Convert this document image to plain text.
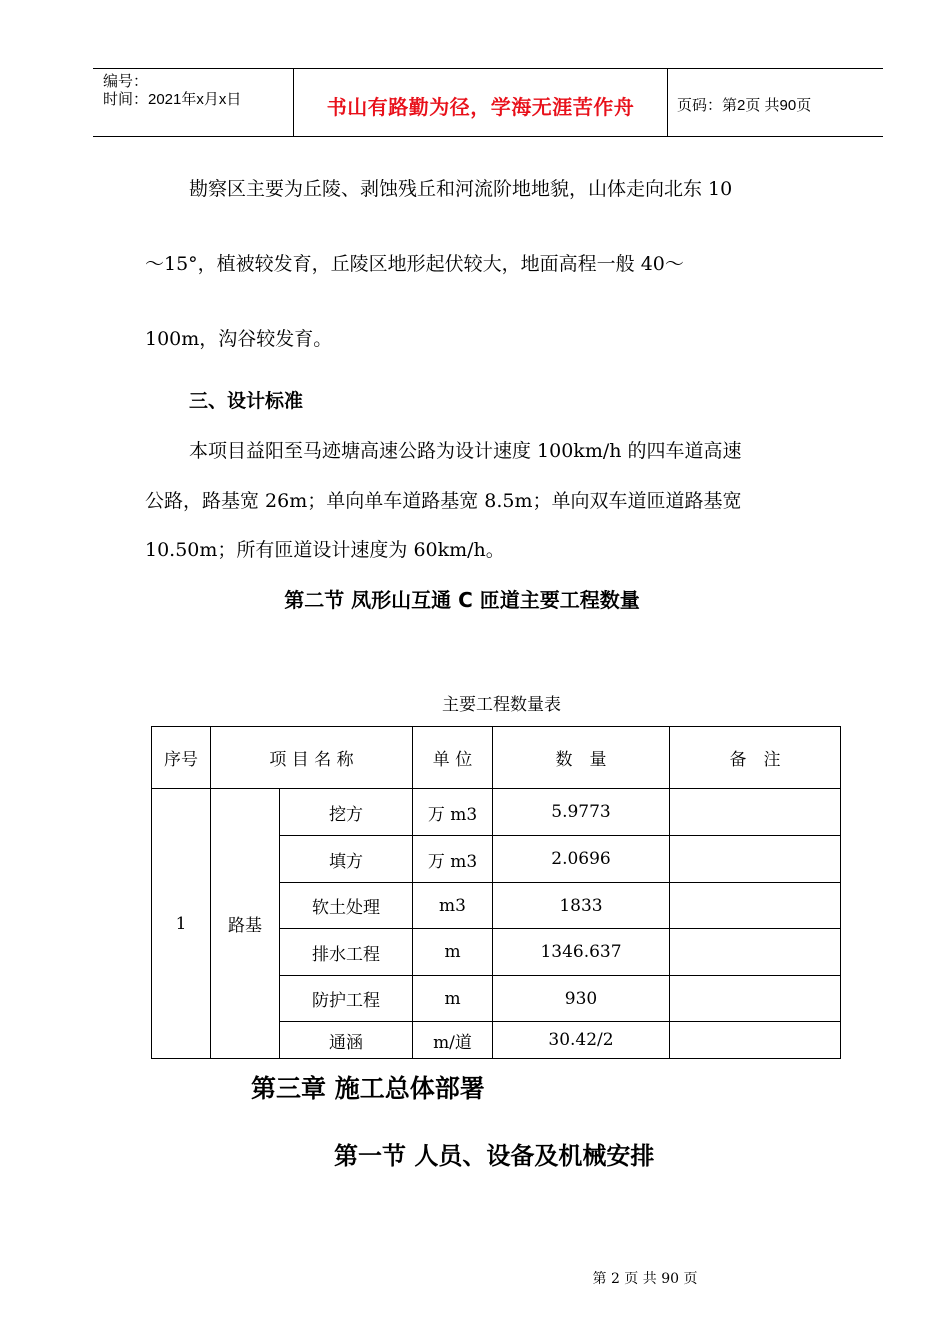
编号：
时间：2021年x月x日	书山有路勤为径，学海无涯苦作舟	页码：第2页 共90页
勘察区主要为丘陵、剥蚀残丘和河流阶地地貌，山体走向北东 10
～15°，植被较发育，丘陵区地形起伏较大，地面高程一般 40～
100m，沟谷较发育。
三、设计标准
本项目益阳至马迹塘高速公路为设计速度 100km/h 的四车道高速
公路，路基宽 26m；单向单车道路基宽 8.5m；单向双车道匝道路基宽
10.50m；所有匝道设计速度为 60km/h。
第二节 凤形山互通 C 匝道主要工程数量
主要工程数量表
序号	项 目 名 称		单 位	数　量	备　注
1	路基	挖方	万 m3	5.9773	
		填方	万 m3	2.0696	
		软土处理	m3	1833	
		排水工程	m	1346.637	
		防护工程	m	930	
		通涵	m/道	30.42/2	
第三章 施工总体部署
第一节 人员、设备及机械安排
第 2 页 共 90 页
